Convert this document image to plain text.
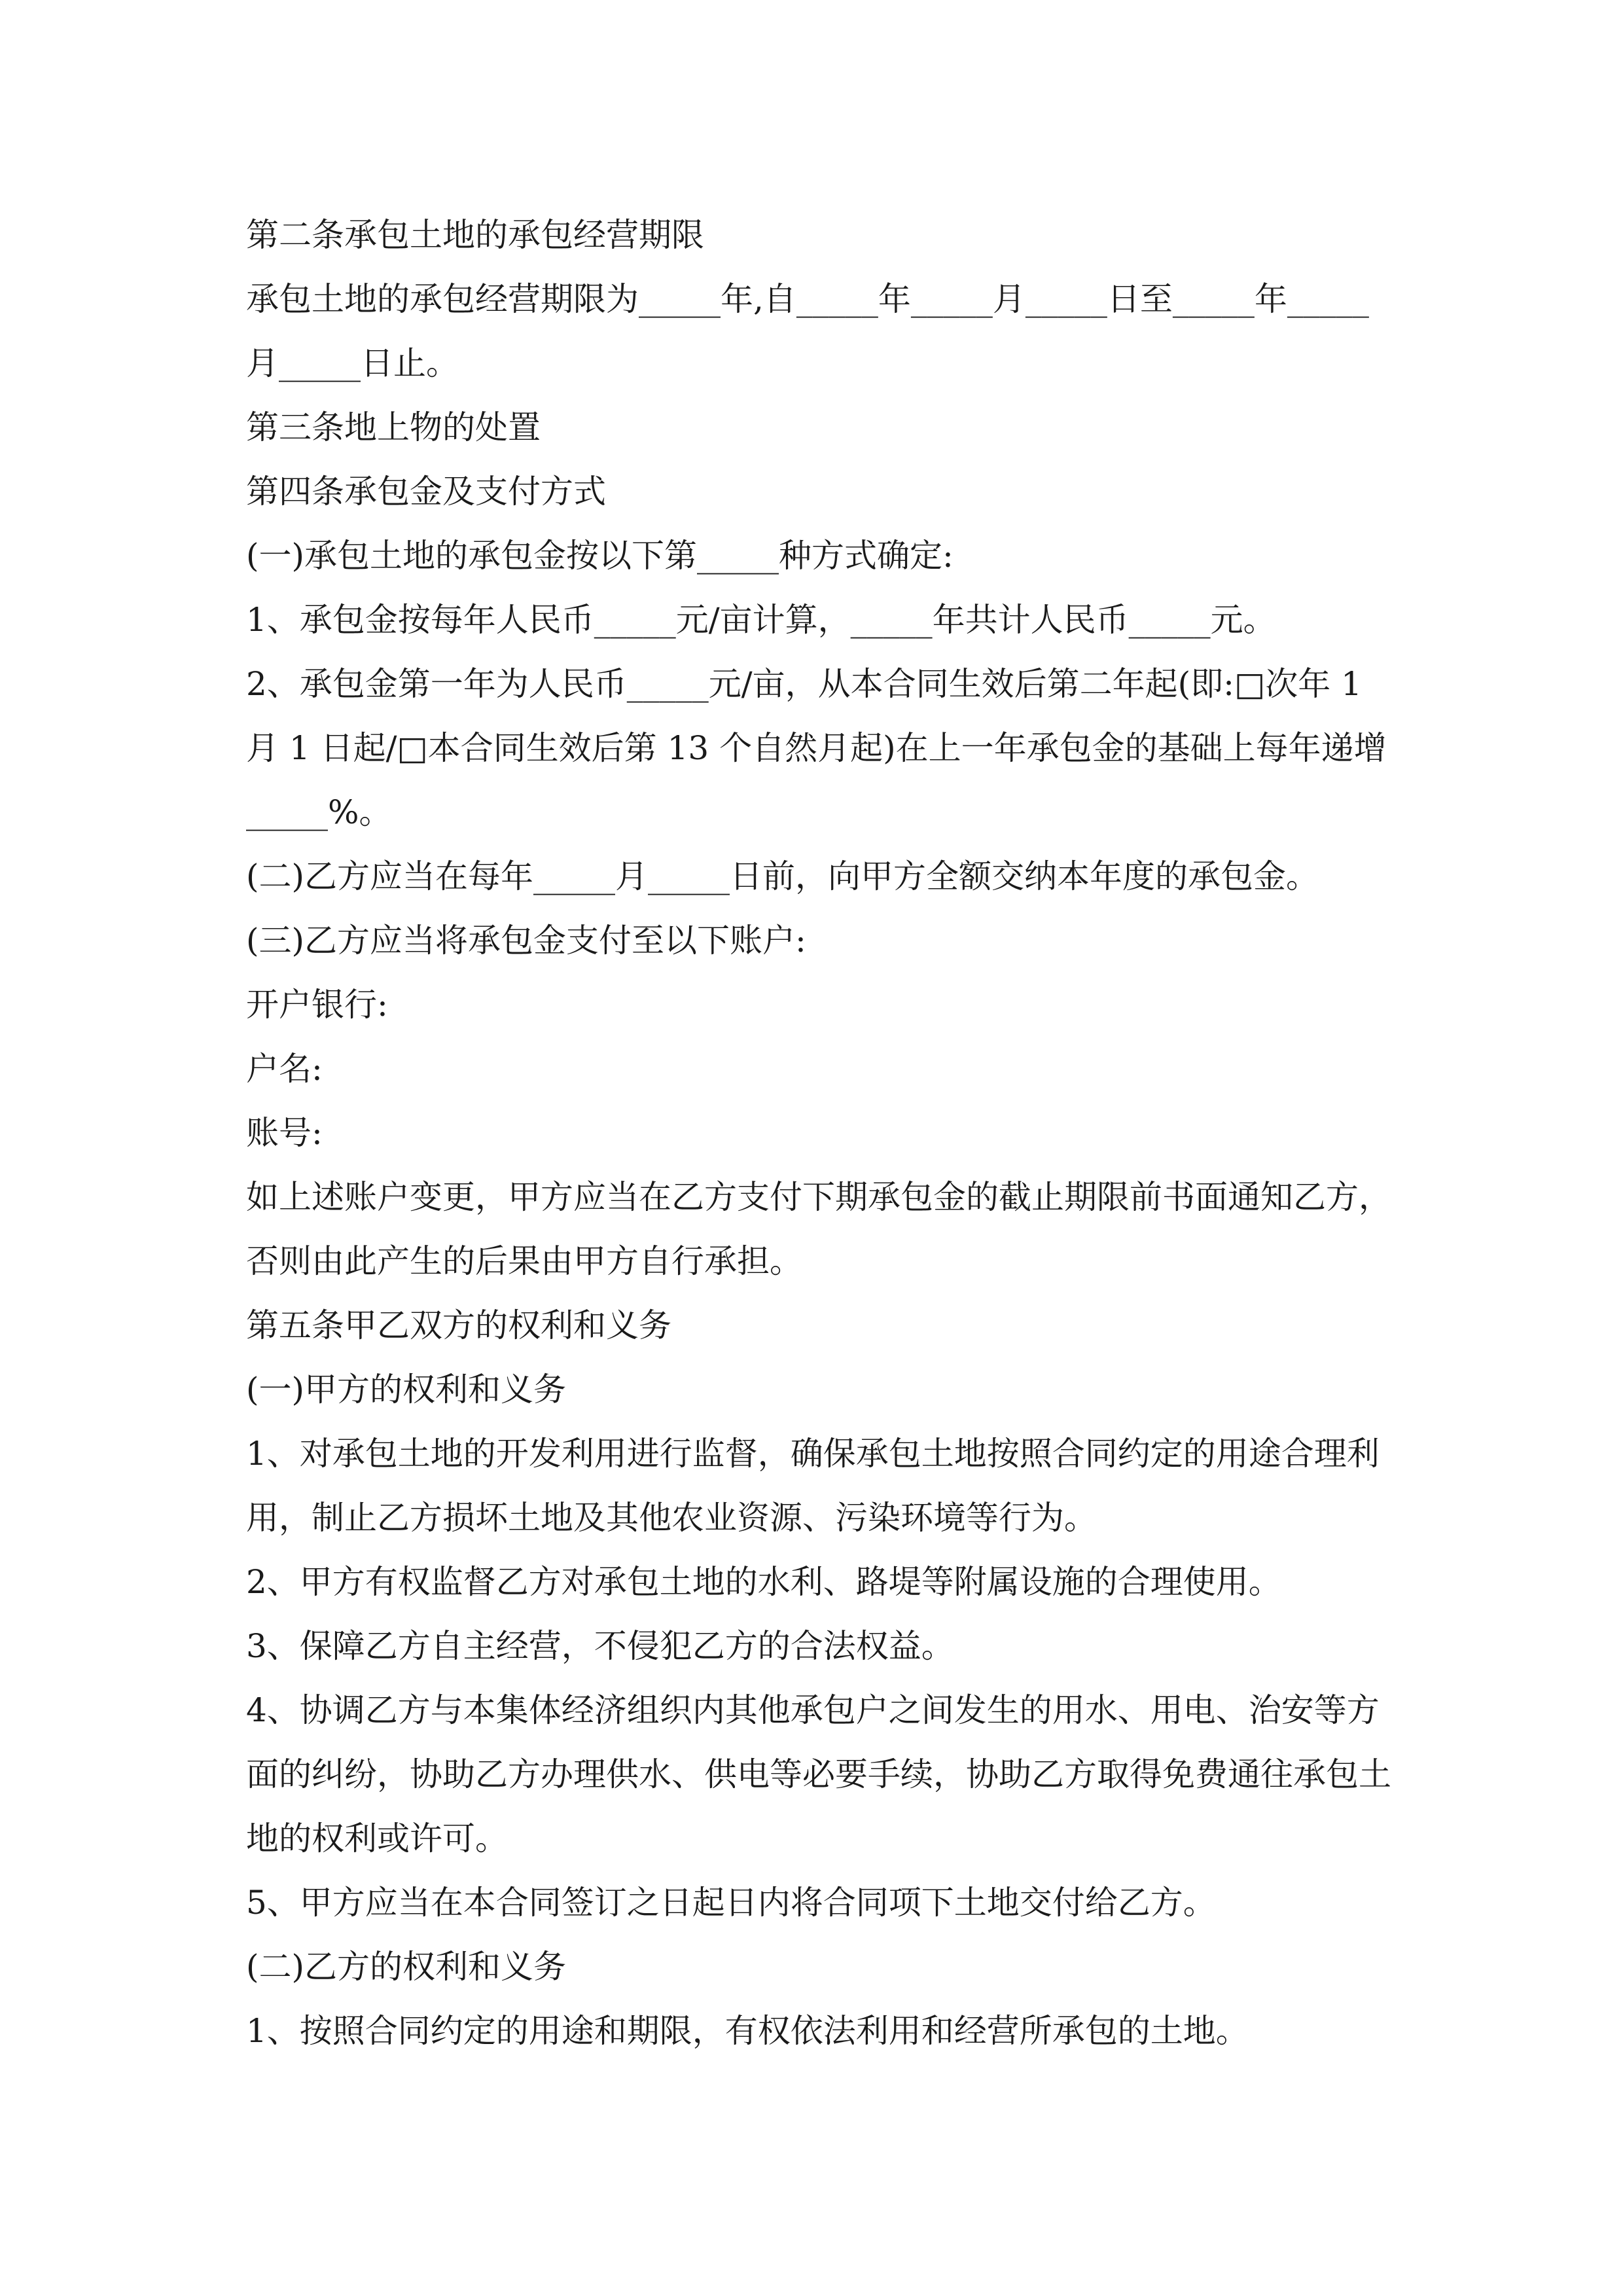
第二条承包土地的承包经营期限
承包土地的承包经营期限为_____年,自_____年_____月_____日至_____年_____
月_____日止。
第三条地上物的处置
第四条承包金及支付方式
(一)承包土地的承包金按以下第_____种方式确定:
1、承包金按每年人民币_____元/亩计算，_____年共计人民币_____元。
2、承包金第一年为人民币_____元/亩，从本合同生效后第二年起(即:□次年 1
月 1 日起/□本合同生效后第 13 个自然月起)在上一年承包金的基础上每年递增
_____%。
(二)乙方应当在每年_____月_____日前，向甲方全额交纳本年度的承包金。
(三)乙方应当将承包金支付至以下账户:
开户银行:
户名:
账号:
如上述账户变更，甲方应当在乙方支付下期承包金的截止期限前书面通知乙方，
否则由此产生的后果由甲方自行承担。
第五条甲乙双方的权利和义务
(一)甲方的权利和义务
1、对承包土地的开发利用进行监督，确保承包土地按照合同约定的用途合理利
用，制止乙方损坏土地及其他农业资源、污染环境等行为。
2、甲方有权监督乙方对承包土地的水利、路堤等附属设施的合理使用。
3、保障乙方自主经营，不侵犯乙方的合法权益。
4、协调乙方与本集体经济组织内其他承包户之间发生的用水、用电、治安等方
面的纠纷，协助乙方办理供水、供电等必要手续，协助乙方取得免费通往承包土
地的权利或许可。
5、甲方应当在本合同签订之日起日内将合同项下土地交付给乙方。
(二)乙方的权利和义务
1、按照合同约定的用途和期限，有权依法利用和经营所承包的土地。
